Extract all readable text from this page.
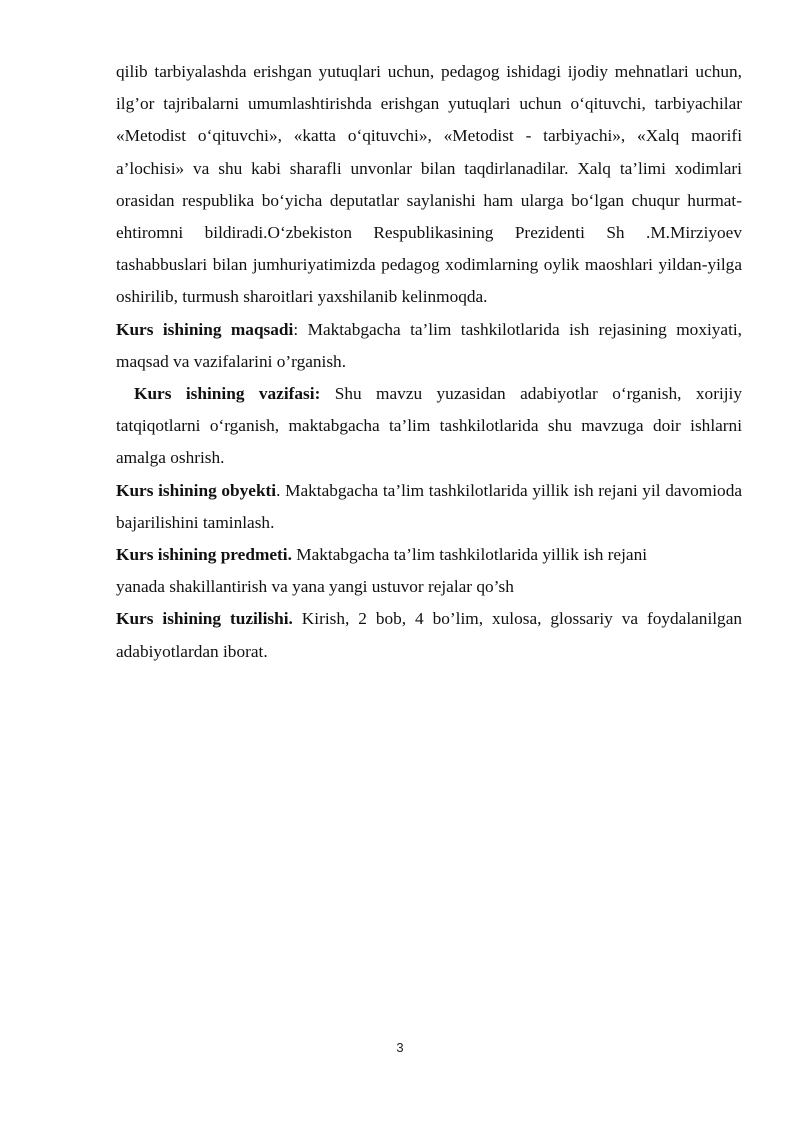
qilib tarbiyalashda erishgan yutuqlari uchun, pedagog ishidagi ijodiy mehnatlari uchun, ilg’or tajribalarni umumlashtirishda erishgan yutuqlari uchun o‘qituvchi, tarbiyachilar «Metodist o‘qituvchi», «katta o‘qituvchi», «Metodist - tarbiyachi», «Xalq maorifi a’lochisi» va shu kabi sharafli unvonlar bilan taqdirlanadilar. Xalq ta’limi xodimlari orasidan respublika bo‘yicha deputatlar saylanishi ham ularga bo‘lgan chuqur hurmat-ehtiromni bildiradi.O‘zbekiston Respublikasining Prezidenti Sh .M.Mirziyoev tashabbuslari bilan jumhuriyatimizda pedagog xodimlarning oylik maoshlari yildan-yilga oshirilib, turmush sharoitlari yaxshilanib kelinmoqda.

Kurs ishining maqsadi: Maktabgacha ta’lim tashkilotlarida ish rejasining moxiyati, maqsad va vazifalarini o’rganish.

Kurs ishining vazifasi: Shu mavzu yuzasidan adabiyotlar o‘rganish, xorijiy tatqiqotlarni o‘rganish, maktabgacha ta’lim tashkilotlarida shu mavzuga doir ishlarni amalga oshrish.

Kurs ishining obyekti. Maktabgacha ta’lim tashkilotlarida yillik ish rejani yil davomioda bajarilishini taminlash.

Kurs ishining predmeti. Maktabgacha ta’lim tashkilotlarida yillik ish rejani
yanada shakillantirish va yana yangi ustuvor rejalar qo’sh

Kurs ishining tuzilishi. Kirish, 2 bob, 4 bo’lim, xulosa, glossariy va foydalanilgan adabiyotlardan iborat.

3
